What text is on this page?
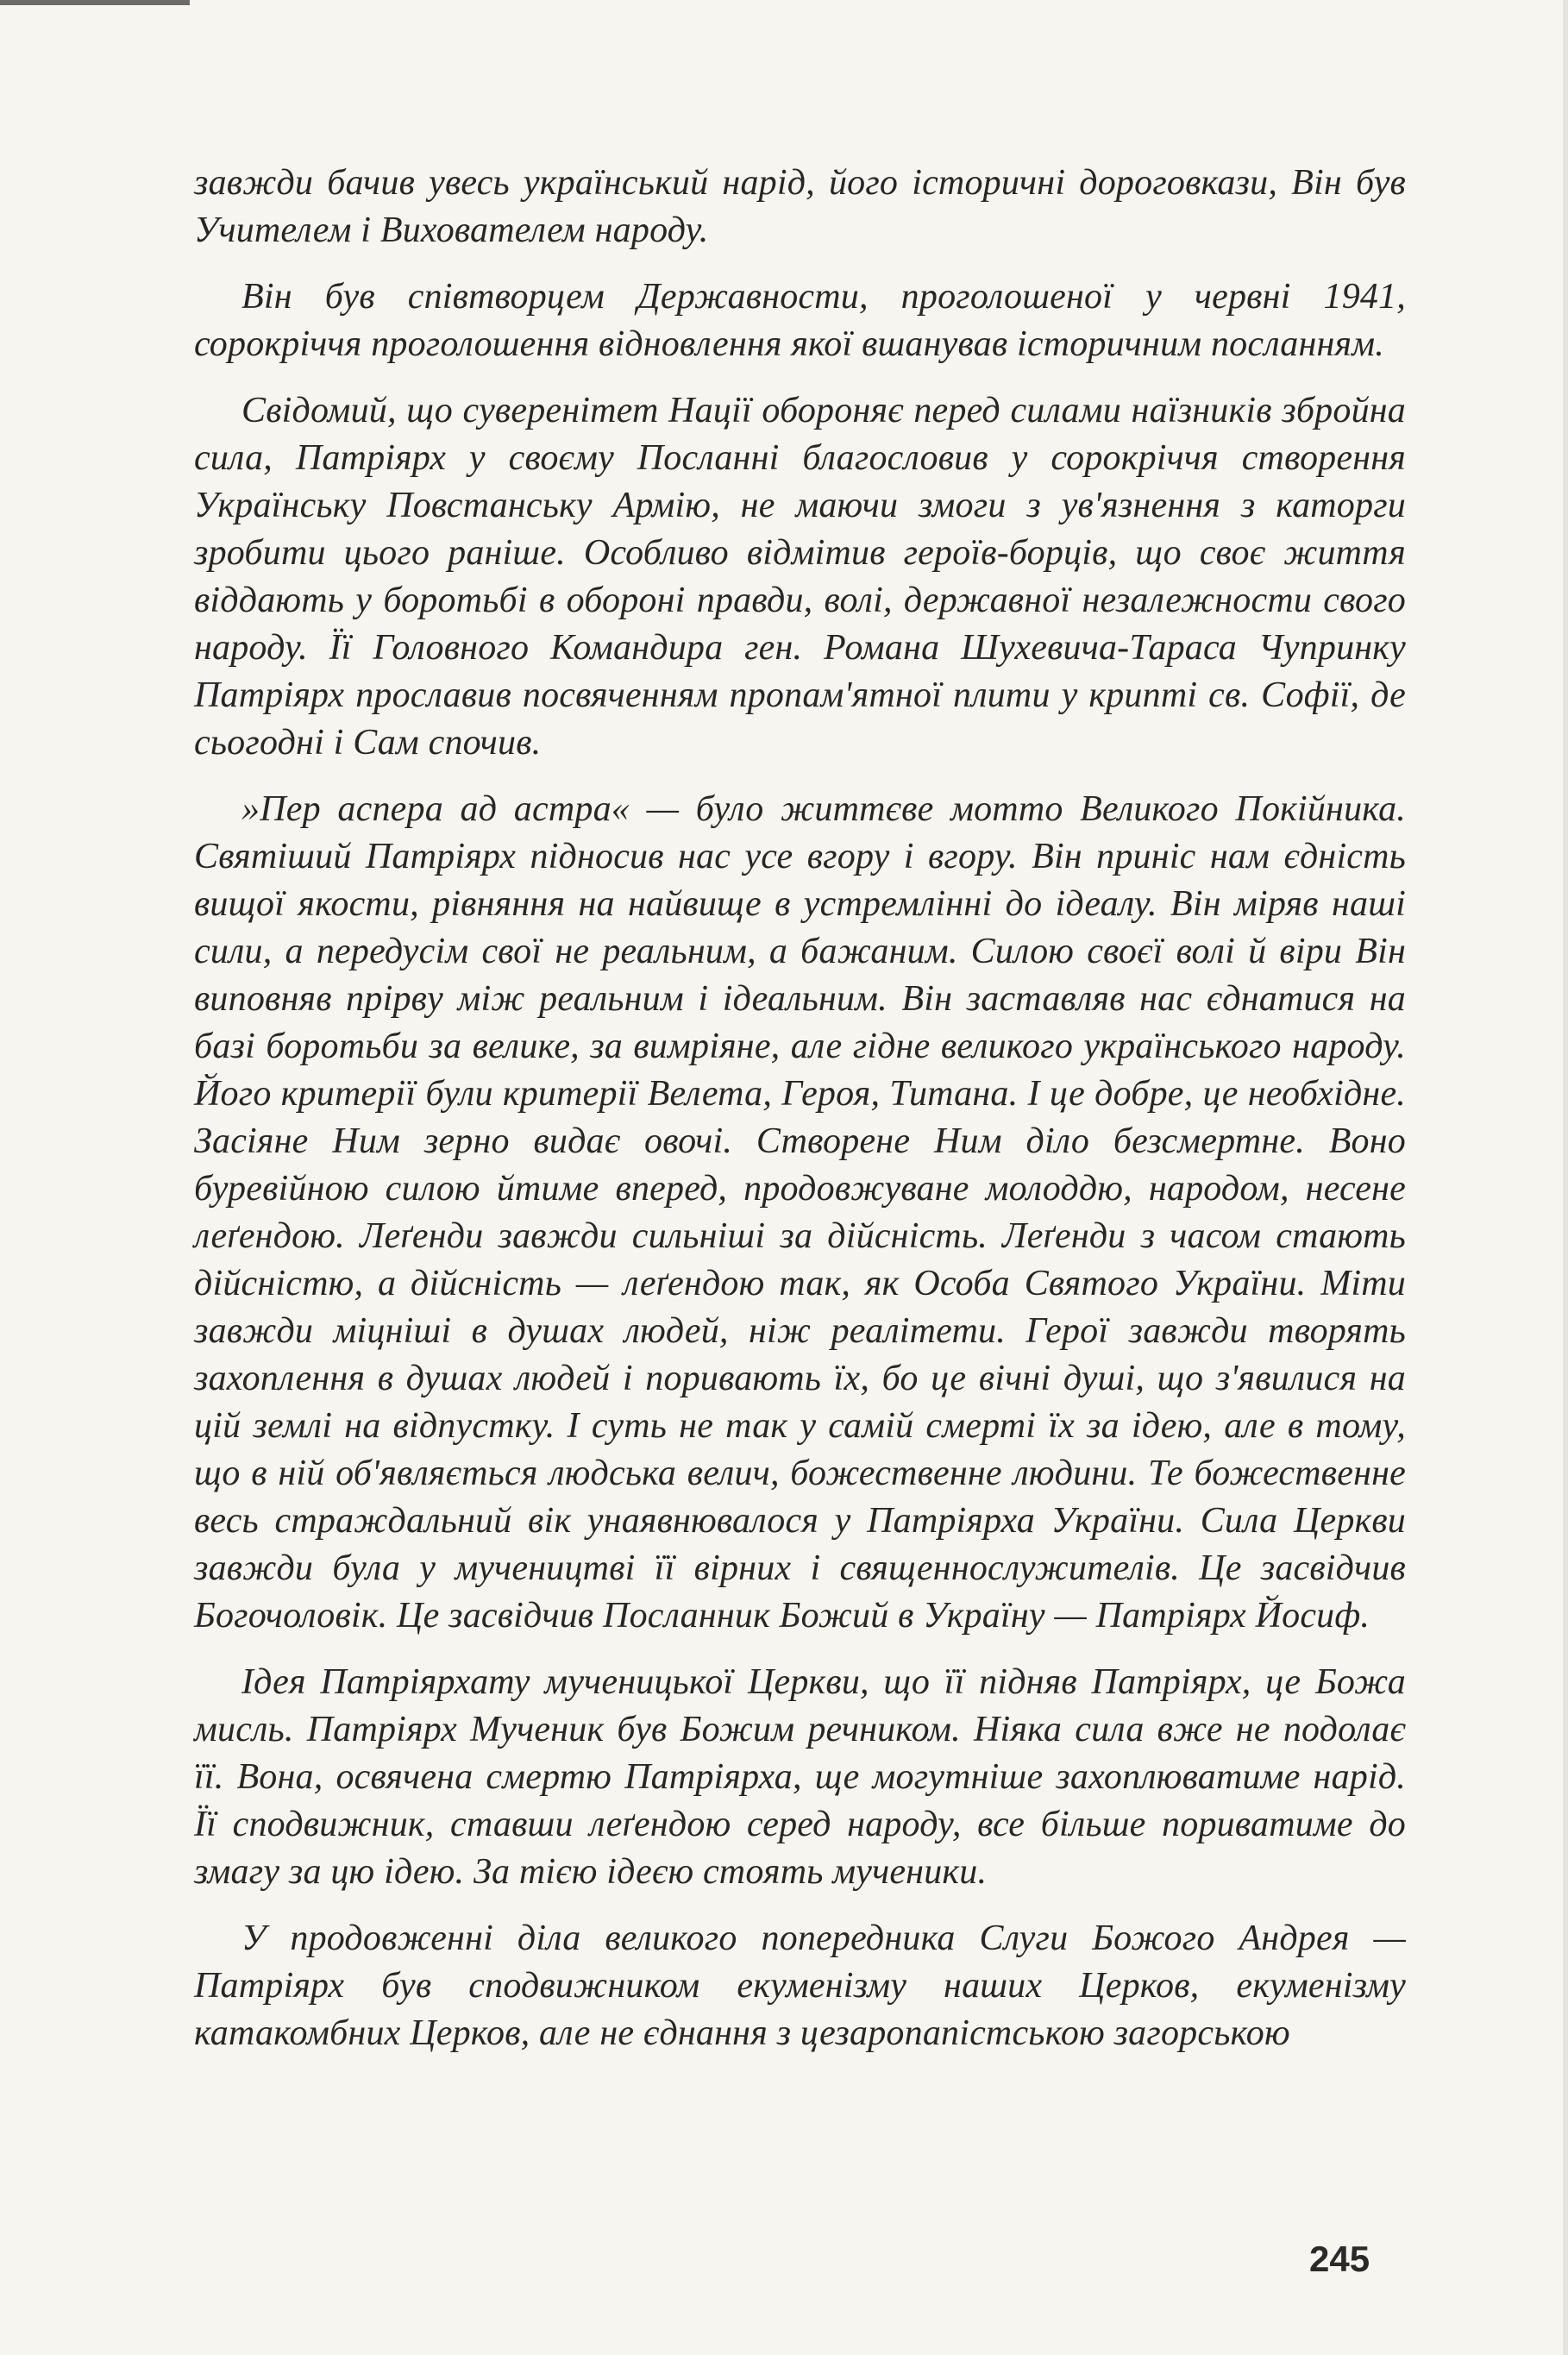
завжди бачив увесь український нарід, його історичні дороговкази, Він був Учителем і Вихователем народу.

Він був співтворцем Державности, проголошеної у червні 1941, сорокріччя проголошення відновлення якої вшанував історичним посланням.

Свідомий, що суверенітет Нації обороняє перед силами наїзників збройна сила, Патріярх у своєму Посланні благословив у сорокріччя створення Українську Повстанську Армію, не маючи змоги з ув'язнення з каторги зробити цього раніше. Особливо відмітив героїв-борців, що своє життя віддають у боротьбі в обороні правди, волі, державної незалежности свого народу. Її Головного Командира ген. Романа Шухевича-Тараса Чупринку Патріярх прославив посвяченням пропам'ятної плити у крипті св. Софії, де сьогодні і Сам спочив.

»Пер аспера ад астра« — було життєве мотто Великого Покійника. Святіший Патріярх підносив нас усе вгору і вгору. Він приніс нам єдність вищої якости, рівняння на найвище в устремлінні до ідеалу. Він міряв наші сили, а передусім свої не реальним, а бажаним. Силою своєї волі й віри Він виповняв прірву між реальним і ідеальним. Він заставляв нас єднатися на базі боротьби за велике, за вимріяне, але гідне великого українського народу. Його критерії були критерії Велета, Героя, Титана. І це добре, це необхідне. Засіяне Ним зерно видає овочі. Створене Ним діло безсмертне. Воно буревійною силою йтиме вперед, продовжуване молоддю, народом, несене леґендою. Леґенди завжди сильніші за дійсність. Леґенди з часом стають дійсністю, а дійсність — леґендою так, як Особа Святого України. Міти завжди міцніші в душах людей, ніж реалітети. Герої завжди творять захоплення в душах людей і поривають їх, бо це вічні душі, що з'явилися на цій землі на відпустку. І суть не так у самій смерті їх за ідею, але в тому, що в ній об'являється людська велич, божественне людини. Те божественне весь страждальний вік унаявнювалося у Патріярха України. Сила Церкви завжди була у мучеництві її вірних і священнослужителів. Це засвідчив Богочоловік. Це засвідчив Посланник Божий в Україну — Патріярх Йосиф.

Ідея Патріярхату мученицької Церкви, що її підняв Патріярх, це Божа мисль. Патріярх Мученик був Божим речником. Ніяка сила вже не подолає її. Вона, освячена смертю Патріярха, ще могутніше захоплюватиме нарід. Її сподвижник, ставши леґендою серед народу, все більше пориватиме до змагу за цю ідею. За тією ідеєю стоять мученики.

У продовженні діла великого попередника Слуги Божого Андрея — Патріярх був сподвижником екуменізму наших Церков, екуменізму катакомбних Церков, але не єднання з цезаропапістською загорською

245
